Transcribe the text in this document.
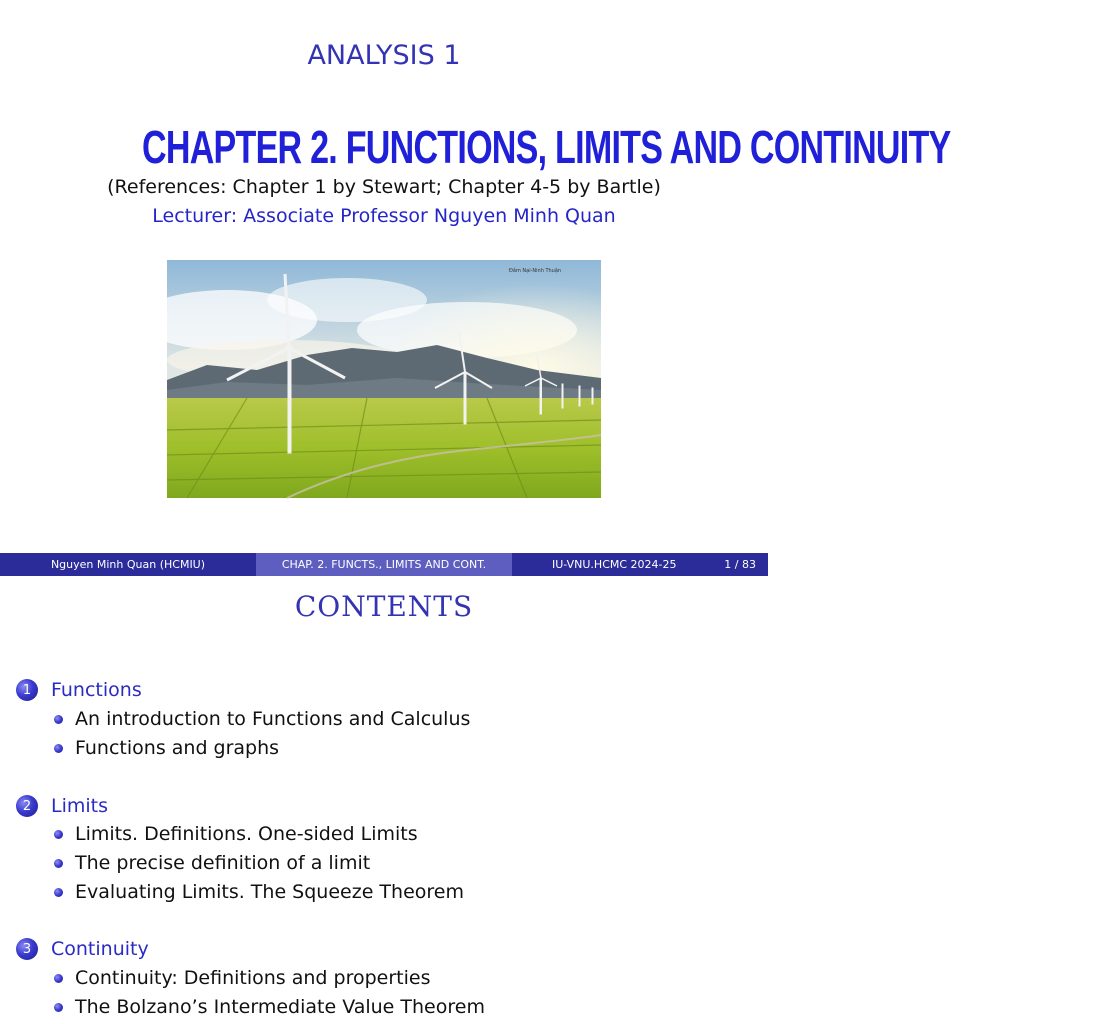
ANALYSIS 1
CHAPTER 2. FUNCTIONS, LIMITS AND CONTINUITY
(References: Chapter 1 by Stewart; Chapter 4-5 by Bartle)
Lecturer: Associate Professor Nguyen Minh Quan
Đầm Nại-Ninh Thuận
Nguyen Minh Quan (HCMIU)	CHAP. 2. FUNCTS., LIMITS AND CONT.	IU-VNU.HCMC 2024-25	1 / 83
CONTENTS
1	Functions
An introduction to Functions and Calculus
Functions and graphs
2	Limits
Limits. Definitions. One-sided Limits
The precise definition of a limit
Evaluating Limits. The Squeeze Theorem
3	Continuity
Continuity: Definitions and properties
The Bolzano’s Intermediate Value Theorem
